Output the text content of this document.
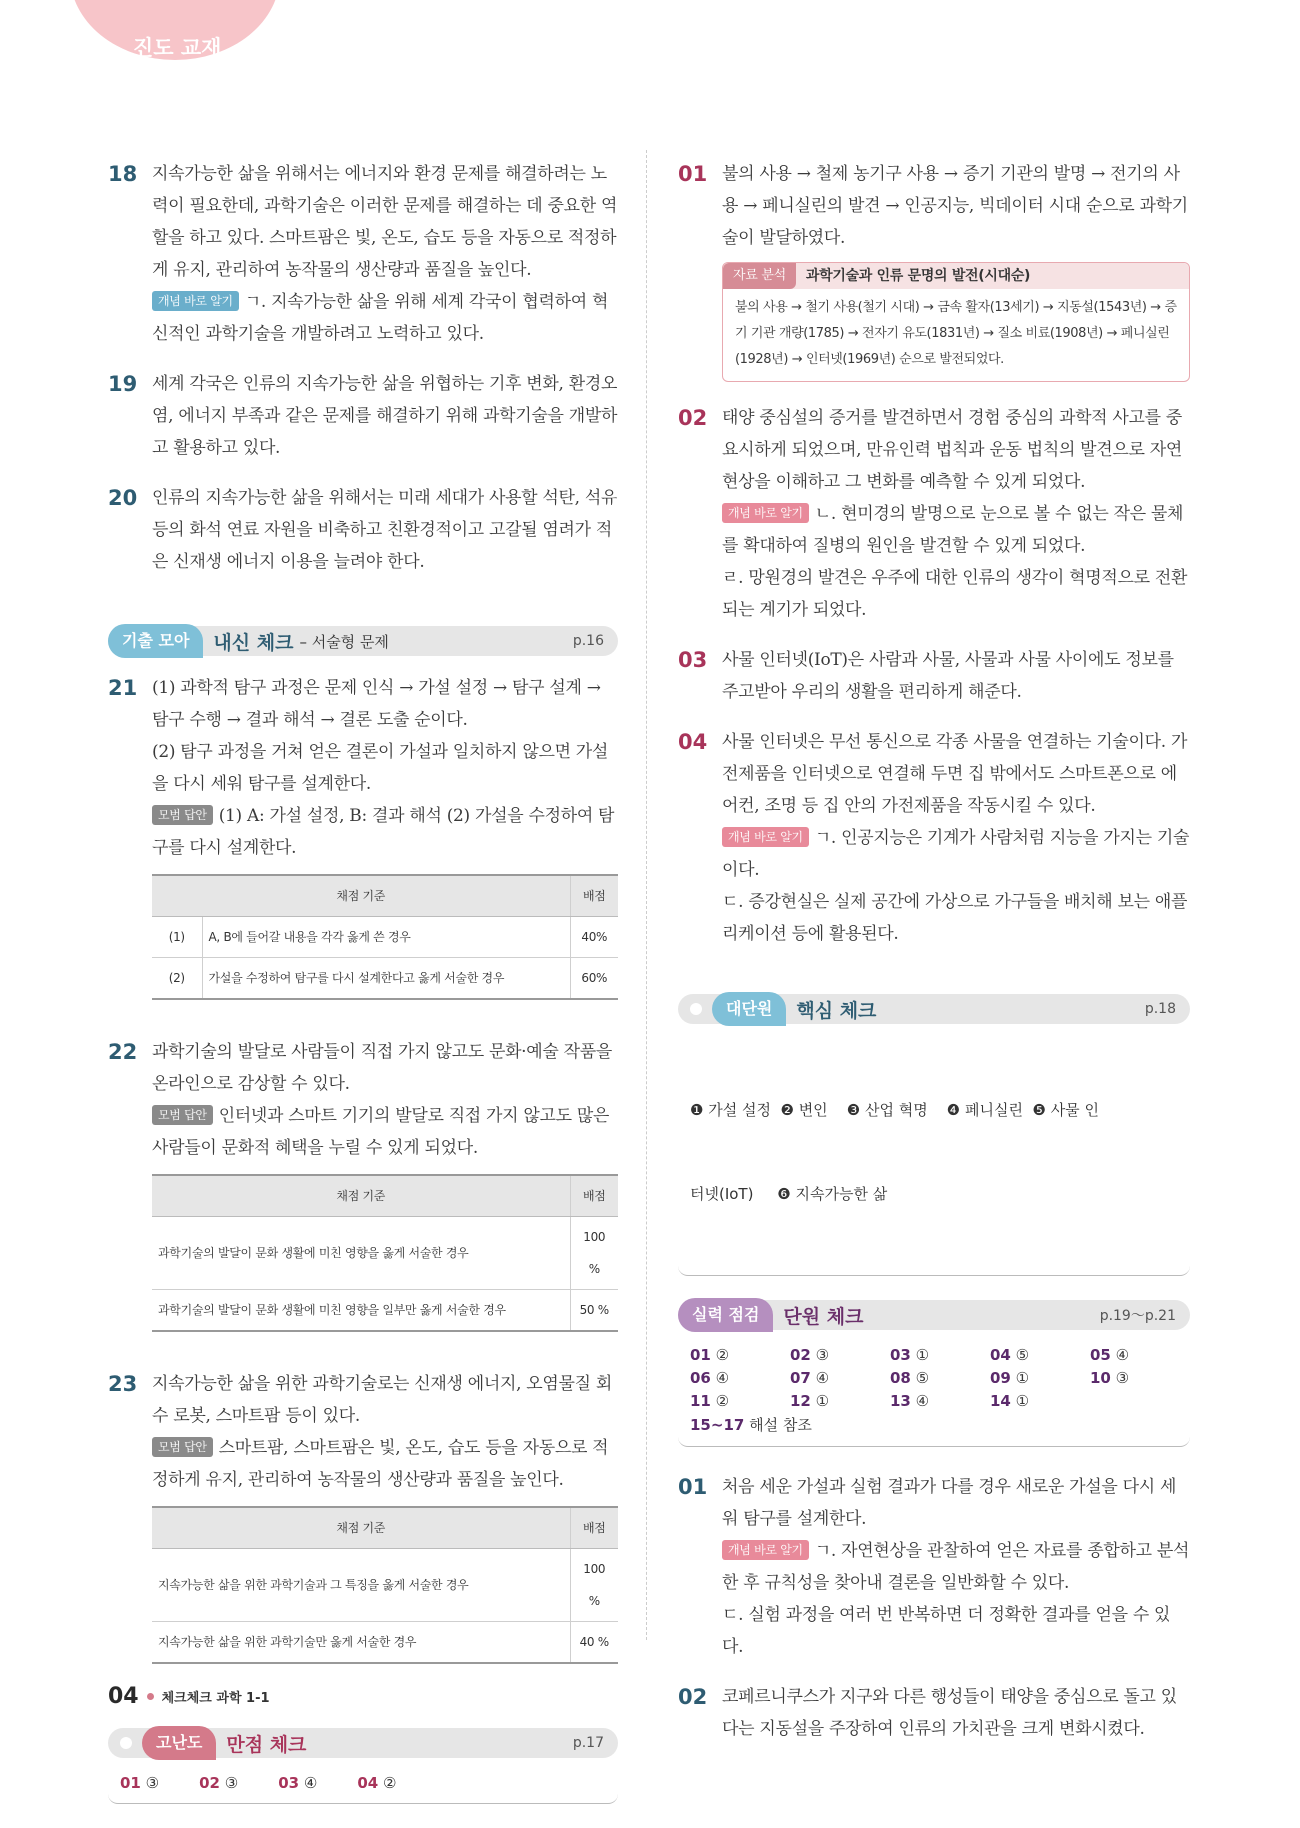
진도 교재
18 지속가능한 삶을 위해서는 에너지와 환경 문제를 해결하려는 노력이 필요한데, 과학기술은 이러한 문제를 해결하는 데 중요한 역할을 하고 있다. 스마트팜은 빛, 온도, 습도 등을 자동으로 적정하게 유지, 관리하여 농작물의 생산량과 품질을 높인다.

개념 바로 알기 ㄱ. 지속가능한 삶을 위해 세계 각국이 협력하여 혁신적인 과학기술을 개발하려고 노력하고 있다.

19 세계 각국은 인류의 지속가능한 삶을 위협하는 기후 변화, 환경오염, 에너지 부족과 같은 문제를 해결하기 위해 과학기술을 개발하고 활용하고 있다.

20 인류의 지속가능한 삶을 위해서는 미래 세대가 사용할 석탄, 석유 등의 화석 연료 자원을 비축하고 친환경적이고 고갈될 염려가 적은 신재생 에너지 이용을 늘려야 한다.

기출 모아	내신 체크 – 서술형 문제	p.16
21 (1) 과학적 탐구 과정은 문제 인식 → 가설 설정 → 탐구 설계 → 탐구 수행 → 결과 해석 → 결론 도출 순이다.

(2) 탐구 과정을 거쳐 얻은 결론이 가설과 일치하지 않으면 가설을 다시 세워 탐구를 설계한다.

모범 답안 (1) A: 가설 설정, B: 결과 해석 (2) 가설을 수정하여 탐구를 다시 설계한다.

채점 기준		배점
(1)	A, B에 들어갈 내용을 각각 옳게 쓴 경우	40%
(2)	가설을 수정하여 탐구를 다시 설계한다고 옳게 서술한 경우	60%
22 과학기술의 발달로 사람들이 직접 가지 않고도 문화·예술 작품을 온라인으로 감상할 수 있다.

모범 답안 인터넷과 스마트 기기의 발달로 직접 가지 않고도 많은 사람들이 문화적 혜택을 누릴 수 있게 되었다.

채점 기준	배점
과학기술의 발달이 문화 생활에 미친 영향을 옳게 서술한 경우	100 %
과학기술의 발달이 문화 생활에 미친 영향을 일부만 옳게 서술한 경우	50 %
23 지속가능한 삶을 위한 과학기술로는 신재생 에너지, 오염물질 회수 로봇, 스마트팜 등이 있다.

모범 답안 스마트팜, 스마트팜은 빛, 온도, 습도 등을 자동으로 적정하게 유지, 관리하여 농작물의 생산량과 품질을 높인다.

채점 기준	배점
지속가능한 삶을 위한 과학기술과 그 특징을 옳게 서술한 경우	100 %
지속가능한 삶을 위한 과학기술만 옳게 서술한 경우	40 %
고난도	만점 체크	p.17
01 ③	02 ③	03 ④	04 ②
01 불의 사용 → 철제 농기구 사용 → 증기 기관의 발명 → 전기의 사용 → 페니실린의 발견 → 인공지능, 빅데이터 시대 순으로 과학기술이 발달하였다.

자료 분석	과학기술과 인류 문명의 발전(시대순)
불의 사용 → 철기 사용(철기 시대) → 금속 활자(13세기) → 지동설(1543년) → 증기 기관 개량(1785) → 전자기 유도(1831년) → 질소 비료(1908년) → 페니실린(1928년) → 인터넷(1969년) 순으로 발전되었다.
02 태양 중심설의 증거를 발견하면서 경험 중심의 과학적 사고를 중요시하게 되었으며, 만유인력 법칙과 운동 법칙의 발견으로 자연현상을 이해하고 그 변화를 예측할 수 있게 되었다.

개념 바로 알기 ㄴ. 현미경의 발명으로 눈으로 볼 수 없는 작은 물체를 확대하여 질병의 원인을 발견할 수 있게 되었다.

ㄹ. 망원경의 발견은 우주에 대한 인류의 생각이 혁명적으로 전환되는 계기가 되었다.

03 사물 인터넷(IoT)은 사람과 사물, 사물과 사물 사이에도 정보를 주고받아 우리의 생활을 편리하게 해준다.

04 사물 인터넷은 무선 통신으로 각종 사물을 연결하는 기술이다. 가전제품을 인터넷으로 연결해 두면 집 밖에서도 스마트폰으로 에어컨, 조명 등 집 안의 가전제품을 작동시킬 수 있다.

개념 바로 알기 ㄱ. 인공지능은 기계가 사람처럼 지능을 가지는 기술이다.

ㄷ. 증강현실은 실제 공간에 가상으로 가구들을 배치해 보는 애플리케이션 등에 활용된다.

대단원	핵심 체크	p.18

❶ 가설 설정  ❷ 변인    ❸ 산업 혁명    ❹ 페니실린  ❺ 사물 인

터넷(IoT)     ❻ 지속가능한 삶

실력 점검	단원 체크	p.19～p.21
01 ②	02 ③	03 ①	04 ⑤	05 ④
06 ④	07 ④	08 ⑤	09 ①	10 ③
11 ②	12 ①	13 ④	14 ①
15~17 해설 참조
01 처음 세운 가설과 실험 결과가 다를 경우 새로운 가설을 다시 세워 탐구를 설계한다.

개념 바로 알기 ㄱ. 자연현상을 관찰하여 얻은 자료를 종합하고 분석한 후 규칙성을 찾아내 결론을 일반화할 수 있다.

ㄷ. 실험 과정을 여러 번 반복하면 더 정확한 결과를 얻을 수 있다.

02 코페르니쿠스가 지구와 다른 행성들이 태양을 중심으로 돌고 있다는 지동설을 주장하여 인류의 가치관을 크게 변화시켰다.

04 체크체크 과학 1-1
